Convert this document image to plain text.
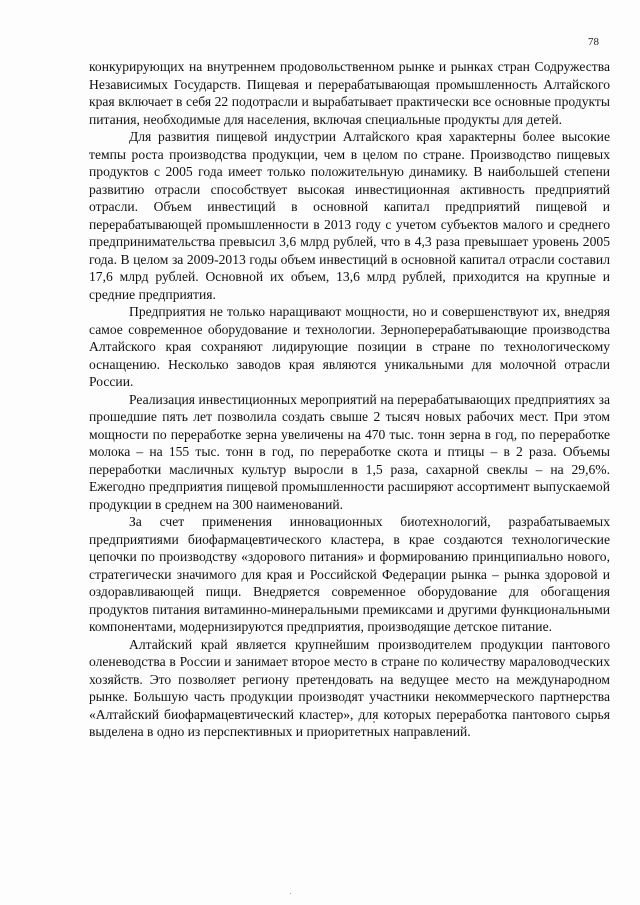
78

конкурирующих на внутреннем продовольственном рынке и рынках стран Содружества Независимых Государств. Пищевая и перерабатывающая промышленность Алтайского края включает в себя 22 подотрасли и вырабатывает практически все основные продукты питания, необходимые для населения, включая специальные продукты для детей.

Для развития пищевой индустрии Алтайского края характерны более высокие темпы роста производства продукции, чем в целом по стране. Производство пищевых продуктов с 2005 года имеет только положительную динамику. В наибольшей степени развитию отрасли способствует высокая инвестиционная активность предприятий отрасли. Объем инвестиций в основной капитал предприятий пищевой и перерабатывающей промышленности в 2013 году с учетом субъектов малого и среднего предпринимательства превысил 3,6 млрд рублей, что в 4,3 раза превышает уровень 2005 года. В целом за 2009-2013 годы объем инвестиций в основной капитал отрасли составил 17,6 млрд рублей. Основной их объем, 13,6 млрд рублей, приходится на крупные и средние предприятия.

Предприятия не только наращивают мощности, но и совершенствуют их, внедряя самое современное оборудование и технологии. Зерноперерабатывающие производства Алтайского края сохраняют лидирующие позиции в стране по технологическому оснащению. Несколько заводов края являются уникальными для молочной отрасли России.

Реализация инвестиционных мероприятий на перерабатывающих предприятиях за прошедшие пять лет позволила создать свыше 2 тысяч новых рабочих мест. При этом мощности по переработке зерна увеличены на 470 тыс. тонн зерна в год, по переработке молока – на 155 тыс. тонн в год, по переработке скота и птицы – в 2 раза. Объемы переработки масличных культур выросли в 1,5 раза, сахарной свеклы – на 29,6%. Ежегодно предприятия пищевой промышленности расширяют ассортимент выпускаемой продукции в среднем на 300 наименований.

За счет применения инновационных биотехнологий, разрабатываемых предприятиями биофармацевтического кластера, в крае создаются технологические цепочки по производству «здорового питания» и формированию принципиально нового, стратегически значимого для края и Российской Федерации рынка – рынка здоровой и оздоравливающей пищи. Внедряется современное оборудование для обогащения продуктов питания витаминно-минеральными премиксами и другими функциональными компонентами, модернизируются предприятия, производящие детское питание.

Алтайский край является крупнейшим производителем продукции пантового оленеводства в России и занимает второе место в стране по количеству мараловодческих хозяйств. Это позволяет региону претендовать на ведущее место на международном рынке. Большую часть продукции производят участники некоммерческого партнерства «Алтайский биофармацевтический кластер», для которых переработка пантового сырья выделена в одно из перспективных и приоритетных направлений.
